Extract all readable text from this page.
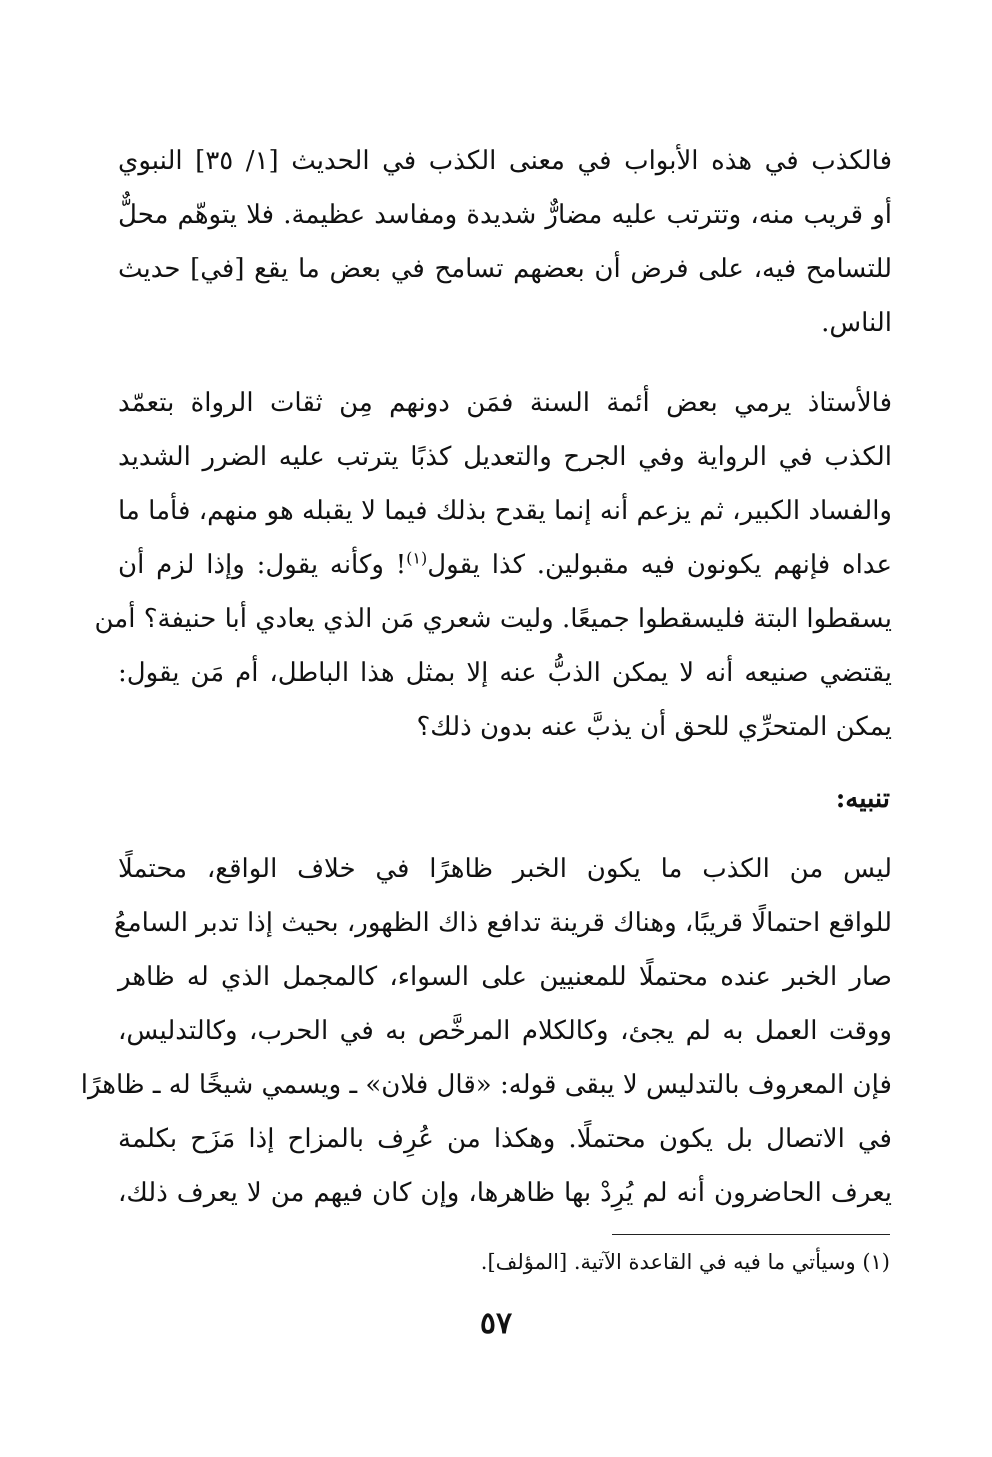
فالكذب في هذه الأبواب في معنى الكذب في الحديث [١/ ٣٥] النبوي
أو قريب منه، وتترتب عليه مضارٌّ شديدة ومفاسد عظيمة. فلا يتوهّم محلٌّ
للتسامح فيه، على فرض أن بعضهم تسامح في بعض ما يقع [في] حديث
الناس.

فالأستاذ يرمي بعض أئمة السنة فمَن دونهم مِن ثقات الرواة بتعمّد
الكذب في الرواية وفي الجرح والتعديل كذبًا يترتب عليه الضرر الشديد
والفساد الكبير، ثم يزعم أنه إنما يقدح بذلك فيما لا يقبله هو منهم، فأما ما
عداه فإنهم يكونون فيه مقبولين. كذا يقول$^{(١)}$! وكأنه يقول: وإذا لزم أن
يسقطوا البتة فليسقطوا جميعًا. وليت شعري مَن الذي يعادي أبا حنيفة؟ أمن
يقتضي صنيعه أنه لا يمكن الذبُّ عنه إلا بمثل هذا الباطل، أم مَن يقول:
يمكن المتحرِّي للحق أن يذبَّ عنه بدون ذلك؟

تنبيه:

ليس من الكذب ما يكون الخبر ظاهرًا في خلاف الواقع، محتملًا
للواقع احتمالًا قريبًا، وهناك قرينة تدافع ذاك الظهور، بحيث إذا تدبر السامعُ
صار الخبر عنده محتملًا للمعنيين على السواء، كالمجمل الذي له ظاهر
ووقت العمل به لم يجئ، وكالكلام المرخَّص به في الحرب، وكالتدليس،
فإن المعروف بالتدليس لا يبقى قوله: «قال فلان» ـ ويسمي شيخًا له ـ ظاهرًا
في الاتصال بل يكون محتملًا. وهكذا من عُرِف بالمزاح إذا مَزَح بكلمة
يعرف الحاضرون أنه لم يُرِدْ بها ظاهرها، وإن كان فيهم من لا يعرف ذلك،

(١) وسيأتي ما فيه في القاعدة الآتية. [المؤلف].
٥٧
